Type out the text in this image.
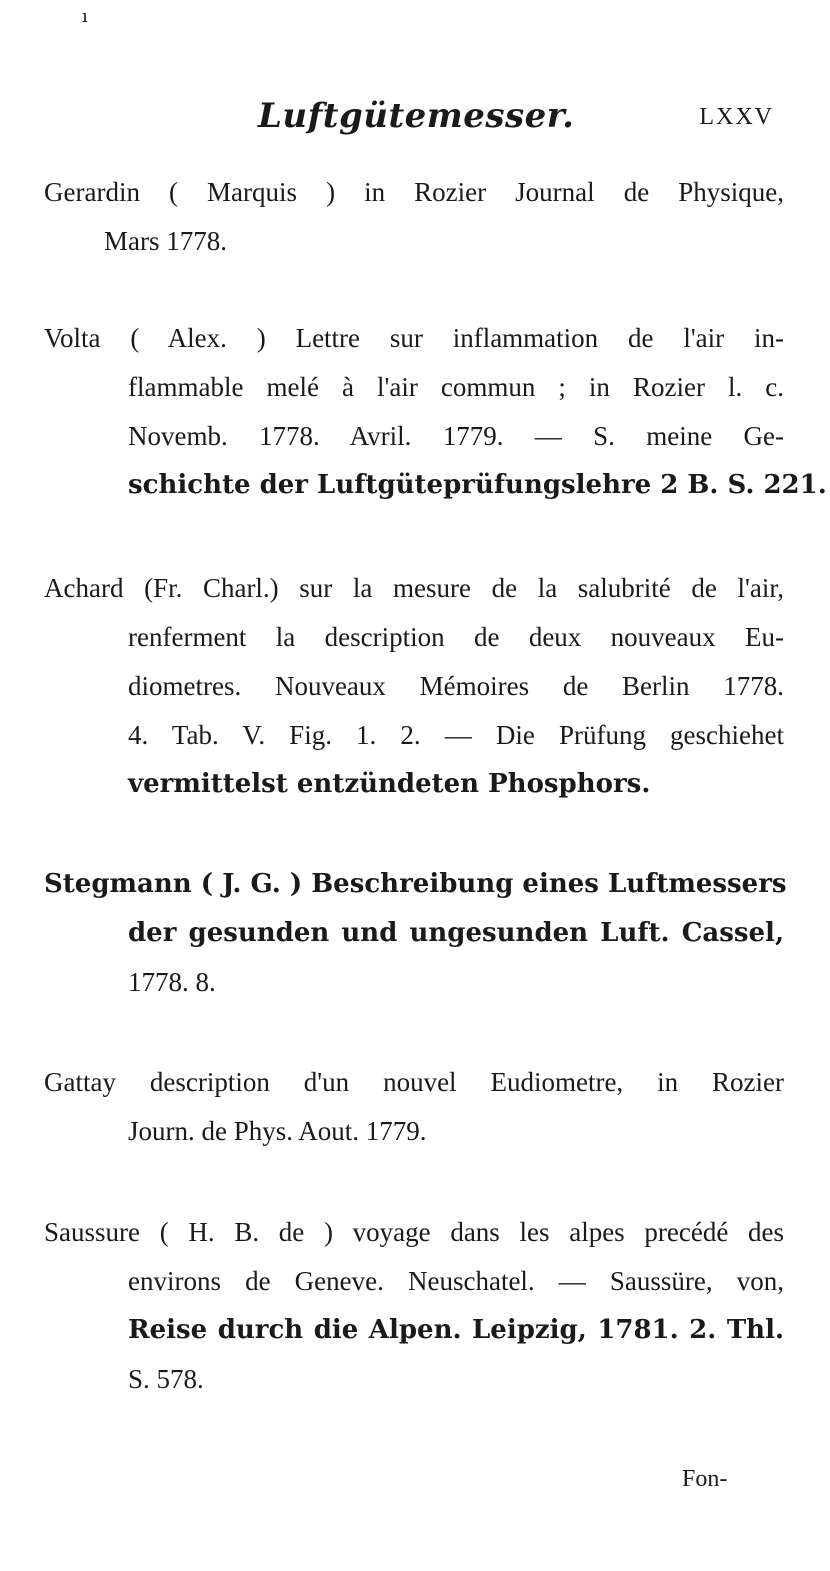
ı
Luftgütemesser.	LXXV
Gerardin ( Marquis ) in Rozier Journal de Physique,
Mars 1778.
Volta ( Alex. ) Lettre sur inflammation de l'air in-
flammable melé à l'air commun ; in Rozier l. c.
Novemb. 1778. Avril. 1779. — S. meine Ge-
schichte der Luftgüteprüfungslehre 2 B. S. 221.
Achard (Fr. Charl.) sur la mesure de la salubrité de l'air,
renferment la description de deux nouveaux Eu-
diometres. Nouveaux Mémoires de Berlin 1778.
4. Tab. V. Fig. 1. 2. — Die Prüfung geschiehet
vermittelst entzündeten Phosphors.
Stegmann ( J. G. ) Beschreibung eines Luftmessers
der gesunden und ungesunden Luft. Cassel,
1778. 8.
Gattay description d'un nouvel Eudiometre, in Rozier
Journ. de Phys. Aout. 1779.
Saussure ( H. B. de ) voyage dans les alpes precédé des
environs de Geneve. Neuschatel. — Saussüre, von,
Reise durch die Alpen. Leipzig, 1781. 2. Thl.
S. 578.
Fon-
